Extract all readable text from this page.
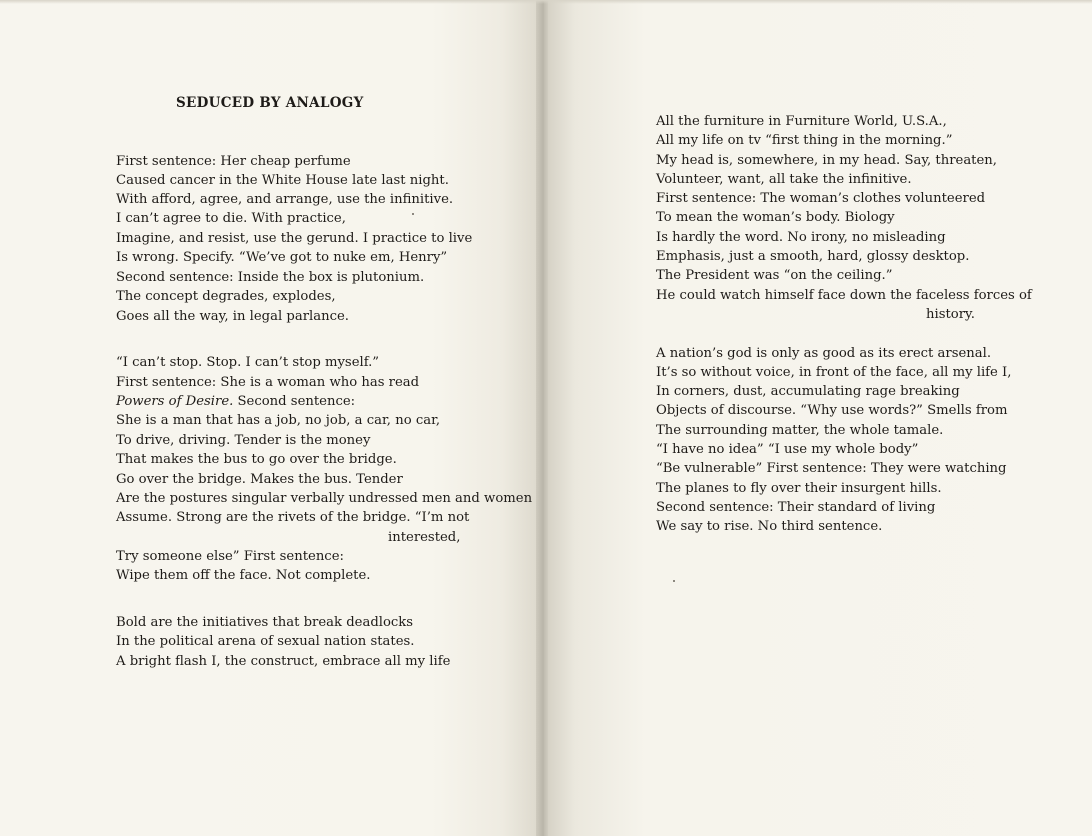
SEDUCED BY ANALOGY
First sentence: Her cheap perfume
Caused cancer in the White House late last night.
With afford, agree, and arrange, use the infinitive.
I can’t agree to die. With practice,
Imagine, and resist, use the gerund. I practice to live
Is wrong. Specify. “We’ve got to nuke em, Henry”
Second sentence: Inside the box is plutonium.
The concept degrades, explodes,
Goes all the way, in legal parlance.
“I can’t stop. Stop. I can’t stop myself.”
First sentence: She is a woman who has read
Powers of Desire. Second sentence:
She is a man that has a job, no job, a car, no car,
To drive, driving. Tender is the money
That makes the bus to go over the bridge.
Go over the bridge. Makes the bus. Tender
Are the postures singular verbally undressed men and women
Assume. Strong are the rivets of the bridge. “I’m not
interested,
Try someone else” First sentence:
Wipe them off the face. Not complete.
Bold are the initiatives that break deadlocks
In the political arena of sexual nation states.
A bright flash I, the construct, embrace all my life
All the furniture in Furniture World, U.S.A.,
All my life on tv “first thing in the morning.”
My head is, somewhere, in my head. Say, threaten,
Volunteer, want, all take the infinitive.
First sentence: The woman’s clothes volunteered
To mean the woman’s body. Biology
Is hardly the word. No irony, no misleading
Emphasis, just a smooth, hard, glossy desktop.
The President was “on the ceiling.”
He could watch himself face down the faceless forces of
history.
A nation’s god is only as good as its erect arsenal.
It’s so without voice, in front of the face, all my life I,
In corners, dust, accumulating rage breaking
Objects of discourse. “Why use words?” Smells from
The surrounding matter, the whole tamale.
“I have no idea” “I use my whole body”
“Be vulnerable” First sentence: They were watching
The planes to fly over their insurgent hills.
Second sentence: Their standard of living
We say to rise. No third sentence.
